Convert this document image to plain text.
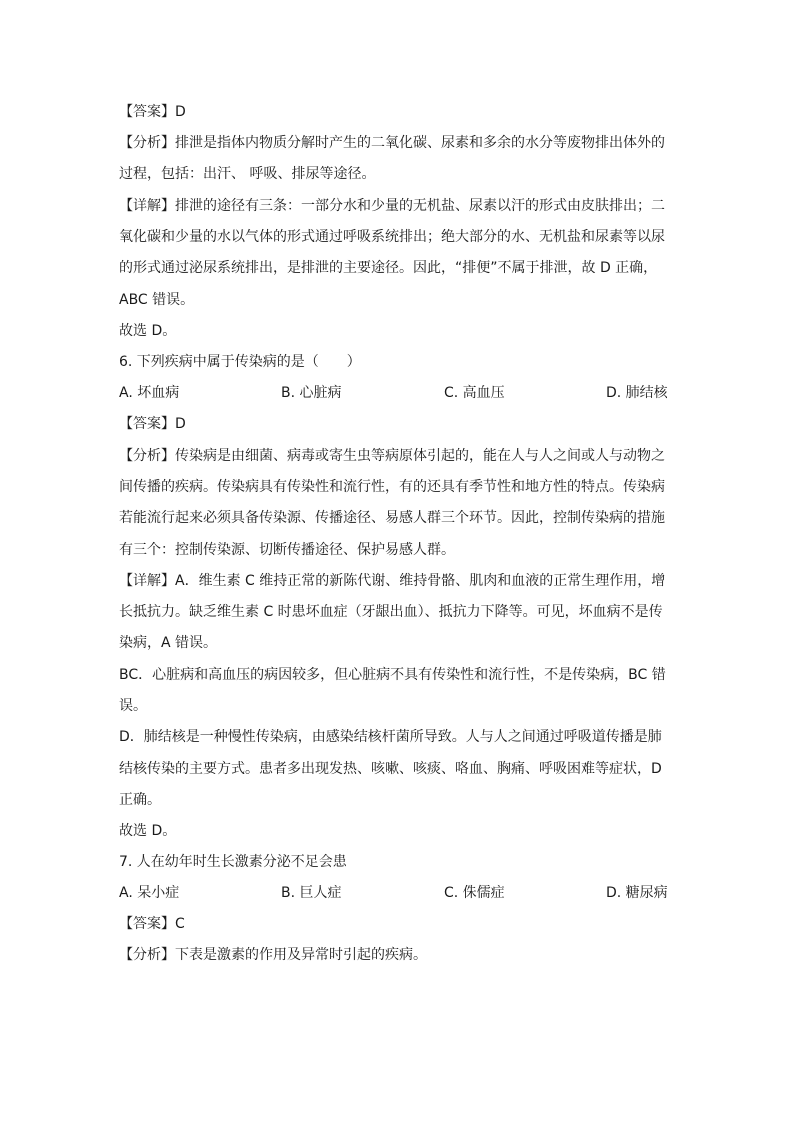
【答案】D
【分析】排泄是指体内物质分解时产生的二氧化碳、尿素和多余的水分等废物排出体外的
过程，包括：出汗、 呼吸、排尿等途径。
【详解】排泄的途径有三条：一部分水和少量的无机盐、尿素以汗的形式由皮肤排出；二
氧化碳和少量的水以气体的形式通过呼吸系统排出；绝大部分的水、无机盐和尿素等以尿
的形式通过泌尿系统排出，是排泄的主要途径。因此，“排便”不属于排泄，故 D 正确，
ABC 错误。
故选 D。
6. 下列疾病中属于传染病的是（　　）
A. 坏血病	B. 心脏病	C. 高血压	D. 肺结核
【答案】D
【分析】传染病是由细菌、病毒或寄生虫等病原体引起的，能在人与人之间或人与动物之
间传播的疾病。传染病具有传染性和流行性，有的还具有季节性和地方性的特点。传染病
若能流行起来必须具备传染源、传播途径、易感人群三个环节。因此，控制传染病的措施
有三个：控制传染源、切断传播途径、保护易感人群。
【详解】A．维生素 C 维持正常的新陈代谢、维持骨骼、肌肉和血液的正常生理作用，增
长抵抗力。缺乏维生素 C 时患坏血症（牙龈出血）、抵抗力下降等。可见，坏血病不是传
染病，A 错误。
BC．心脏病和高血压的病因较多，但心脏病不具有传染性和流行性，不是传染病，BC 错
误。
D．肺结核是一种慢性传染病，由感染结核杆菌所导致。人与人之间通过呼吸道传播是肺
结核传染的主要方式。患者多出现发热、咳嗽、咳痰、咯血、胸痛、呼吸困难等症状，D
正确。
故选 D。
7. 人在幼年时生长激素分泌不足会患
A. 呆小症	B. 巨人症	C. 侏儒症	D. 糖尿病
【答案】C
【分析】下表是激素的作用及异常时引起的疾病。
